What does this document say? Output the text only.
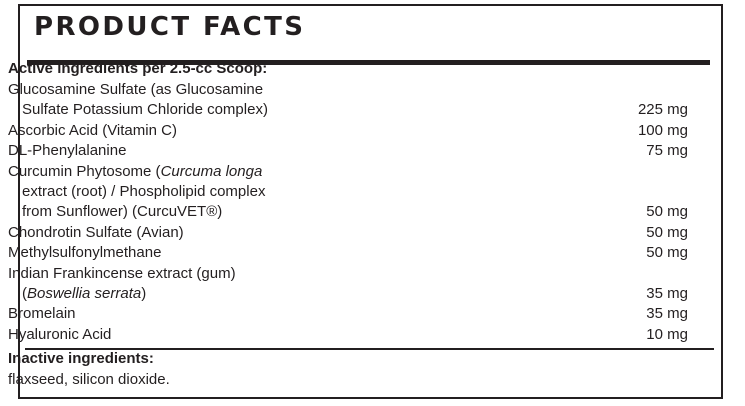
PRODUCT FACTS
Active ingredients per 2.5-cc Scoop:
Glucosamine Sulfate (as Glucosamine
Sulfate Potassium Chloride complex)	225 mg
Ascorbic Acid (Vitamin C)	100 mg
DL-Phenylalanine	75 mg
Curcumin Phytosome (Curcuma longa
extract (root) / Phospholipid complex
from Sunflower) (CurcuVET®)	50 mg
Chondrotin Sulfate (Avian)	50 mg
Methylsulfonylmethane	50 mg
Indian Frankincense extract (gum)
(Boswellia serrata)	35 mg
Bromelain	35 mg
Hyaluronic Acid	10 mg
Inactive ingredients:
flaxseed, silicon dioxide.
